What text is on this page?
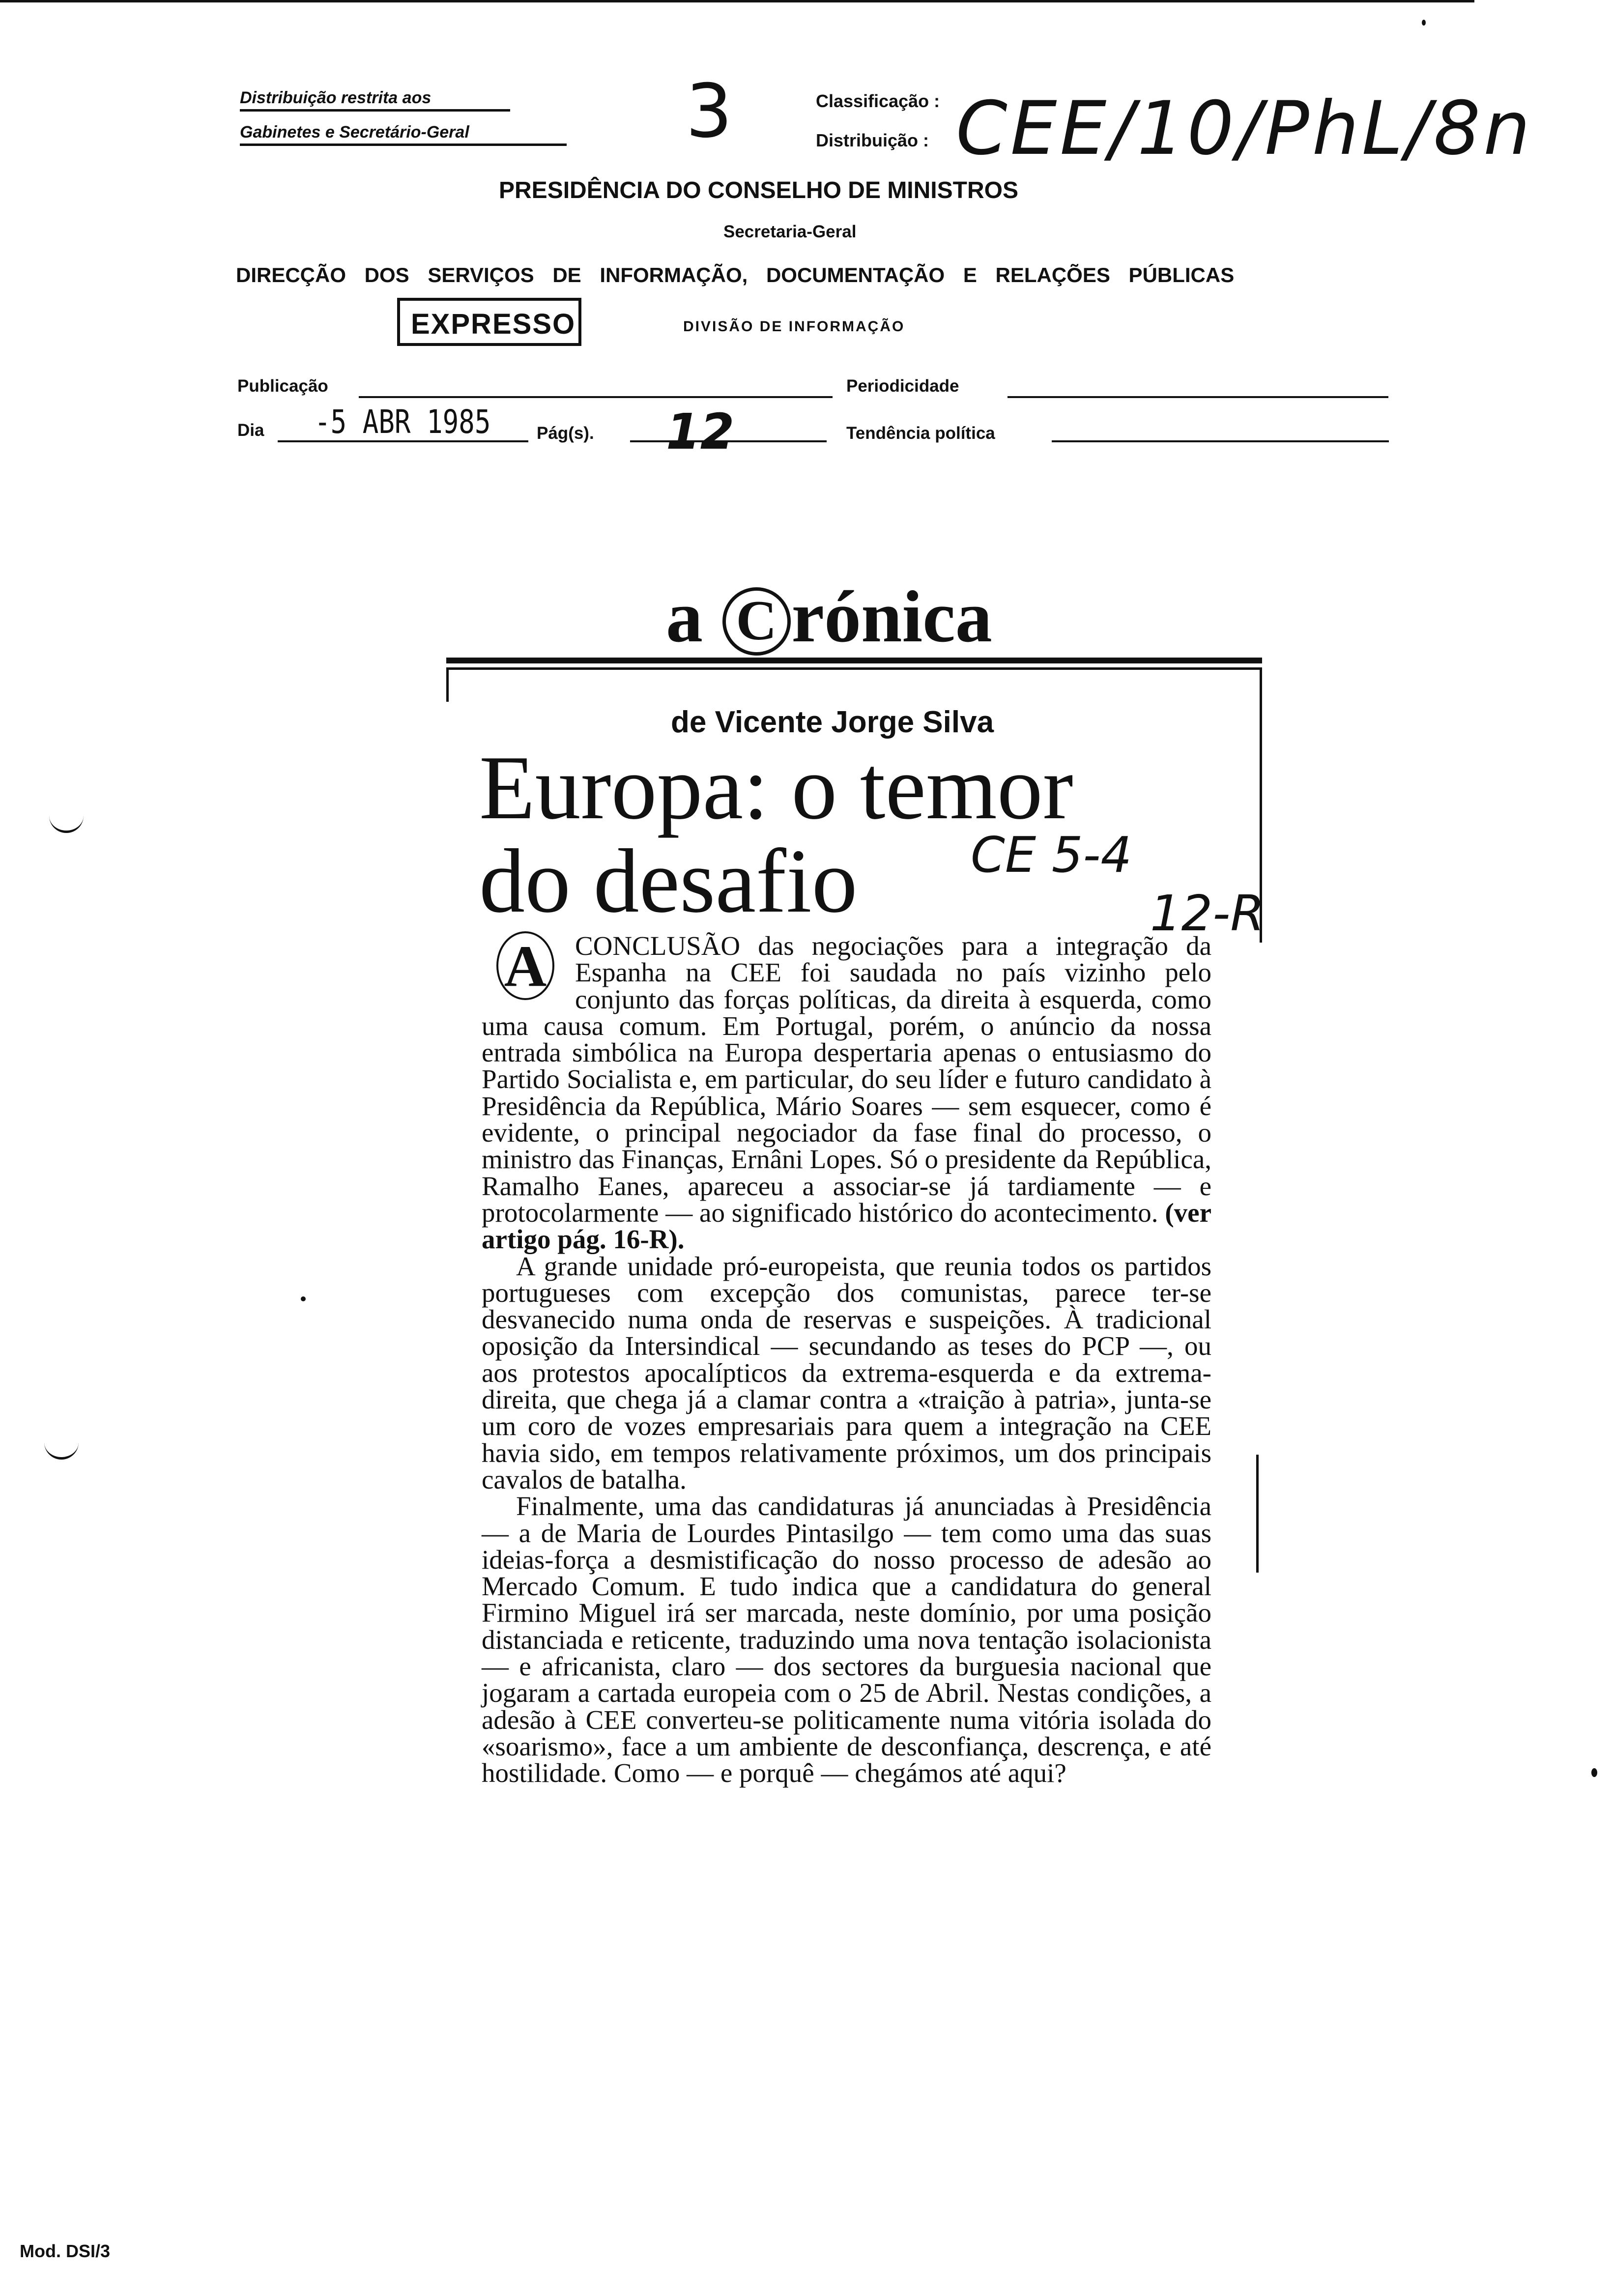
Distribuição restrita aos
Gabinetes e Secretário-Geral	3	Classificação :
Distribuição : CEE/10/PhL/8n
PRESIDÊNCIA DO CONSELHO DE MINISTROS
Secretaria-Geral
DIRECÇÃO DOS SERVIÇOS DE INFORMAÇÃO, DOCUMENTAÇÃO E RELAÇÕES PÚBLICAS
EXPRESSO	DIVISÃO DE INFORMAÇÃO
Publicação	Periodicidade
Dia -5 ABR 1985	Pág(s). 12	Tendência política
a C rónica
de Vicente Jorge Silva
Europa: o temor
do desafio CE 5-4
12-R
A	CONCLUSÃO das negociações para a integração da Espanha na CEE foi saudada no país vizinho pelo conjunto das forças políticas, da direita à esquerda, como uma causa comum. Em Portugal, porém, o anúncio da nossa entrada simbólica na Europa despertaria apenas o entusiasmo do Partido Socialista e, em particular, do seu líder e futuro candidato à Presidência da República, Mário Soares — sem esquecer, como é evidente, o principal negociador da fase final do processo, o ministro das Finanças, Ernâni Lopes. Só o presidente da República, Ramalho Eanes, apareceu a associar-se já tardiamente — e protocolarmente — ao significado histórico do acontecimento. (ver artigo pág. 16-R).

A grande unidade pró-europeista, que reunia todos os partidos portugueses com excepção dos comunistas, parece ter-se desvanecido numa onda de reservas e suspeições. À tradicional oposição da Intersindical — secundando as teses do PCP —, ou aos protestos apocalípticos da extrema-esquerda e da extrema-direita, que chega já a clamar contra a «traição à patria», junta-se um coro de vozes empresariais para quem a integração na CEE havia sido, em tempos relativamente próximos, um dos principais cavalos de batalha.

Finalmente, uma das candidaturas já anunciadas à Presidência — a de Maria de Lourdes Pintasilgo — tem como uma das suas ideias-força a desmistificação do nosso processo de adesão ao Mercado Comum. E tudo indica que a candidatura do general Firmino Miguel irá ser marcada, neste domínio, por uma posição distanciada e reticente, traduzindo uma nova tentação isolacionista — e africanista, claro — dos sectores da burguesia nacional que jogaram a cartada europeia com o 25 de Abril. Nestas condições, a adesão à CEE converteu-se politicamente numa vitória isolada do «soarismo», face a um ambiente de desconfiança, descrença, e até hostilidade. Como — e porquê — chegámos até aqui?

Mod. DSI/3
